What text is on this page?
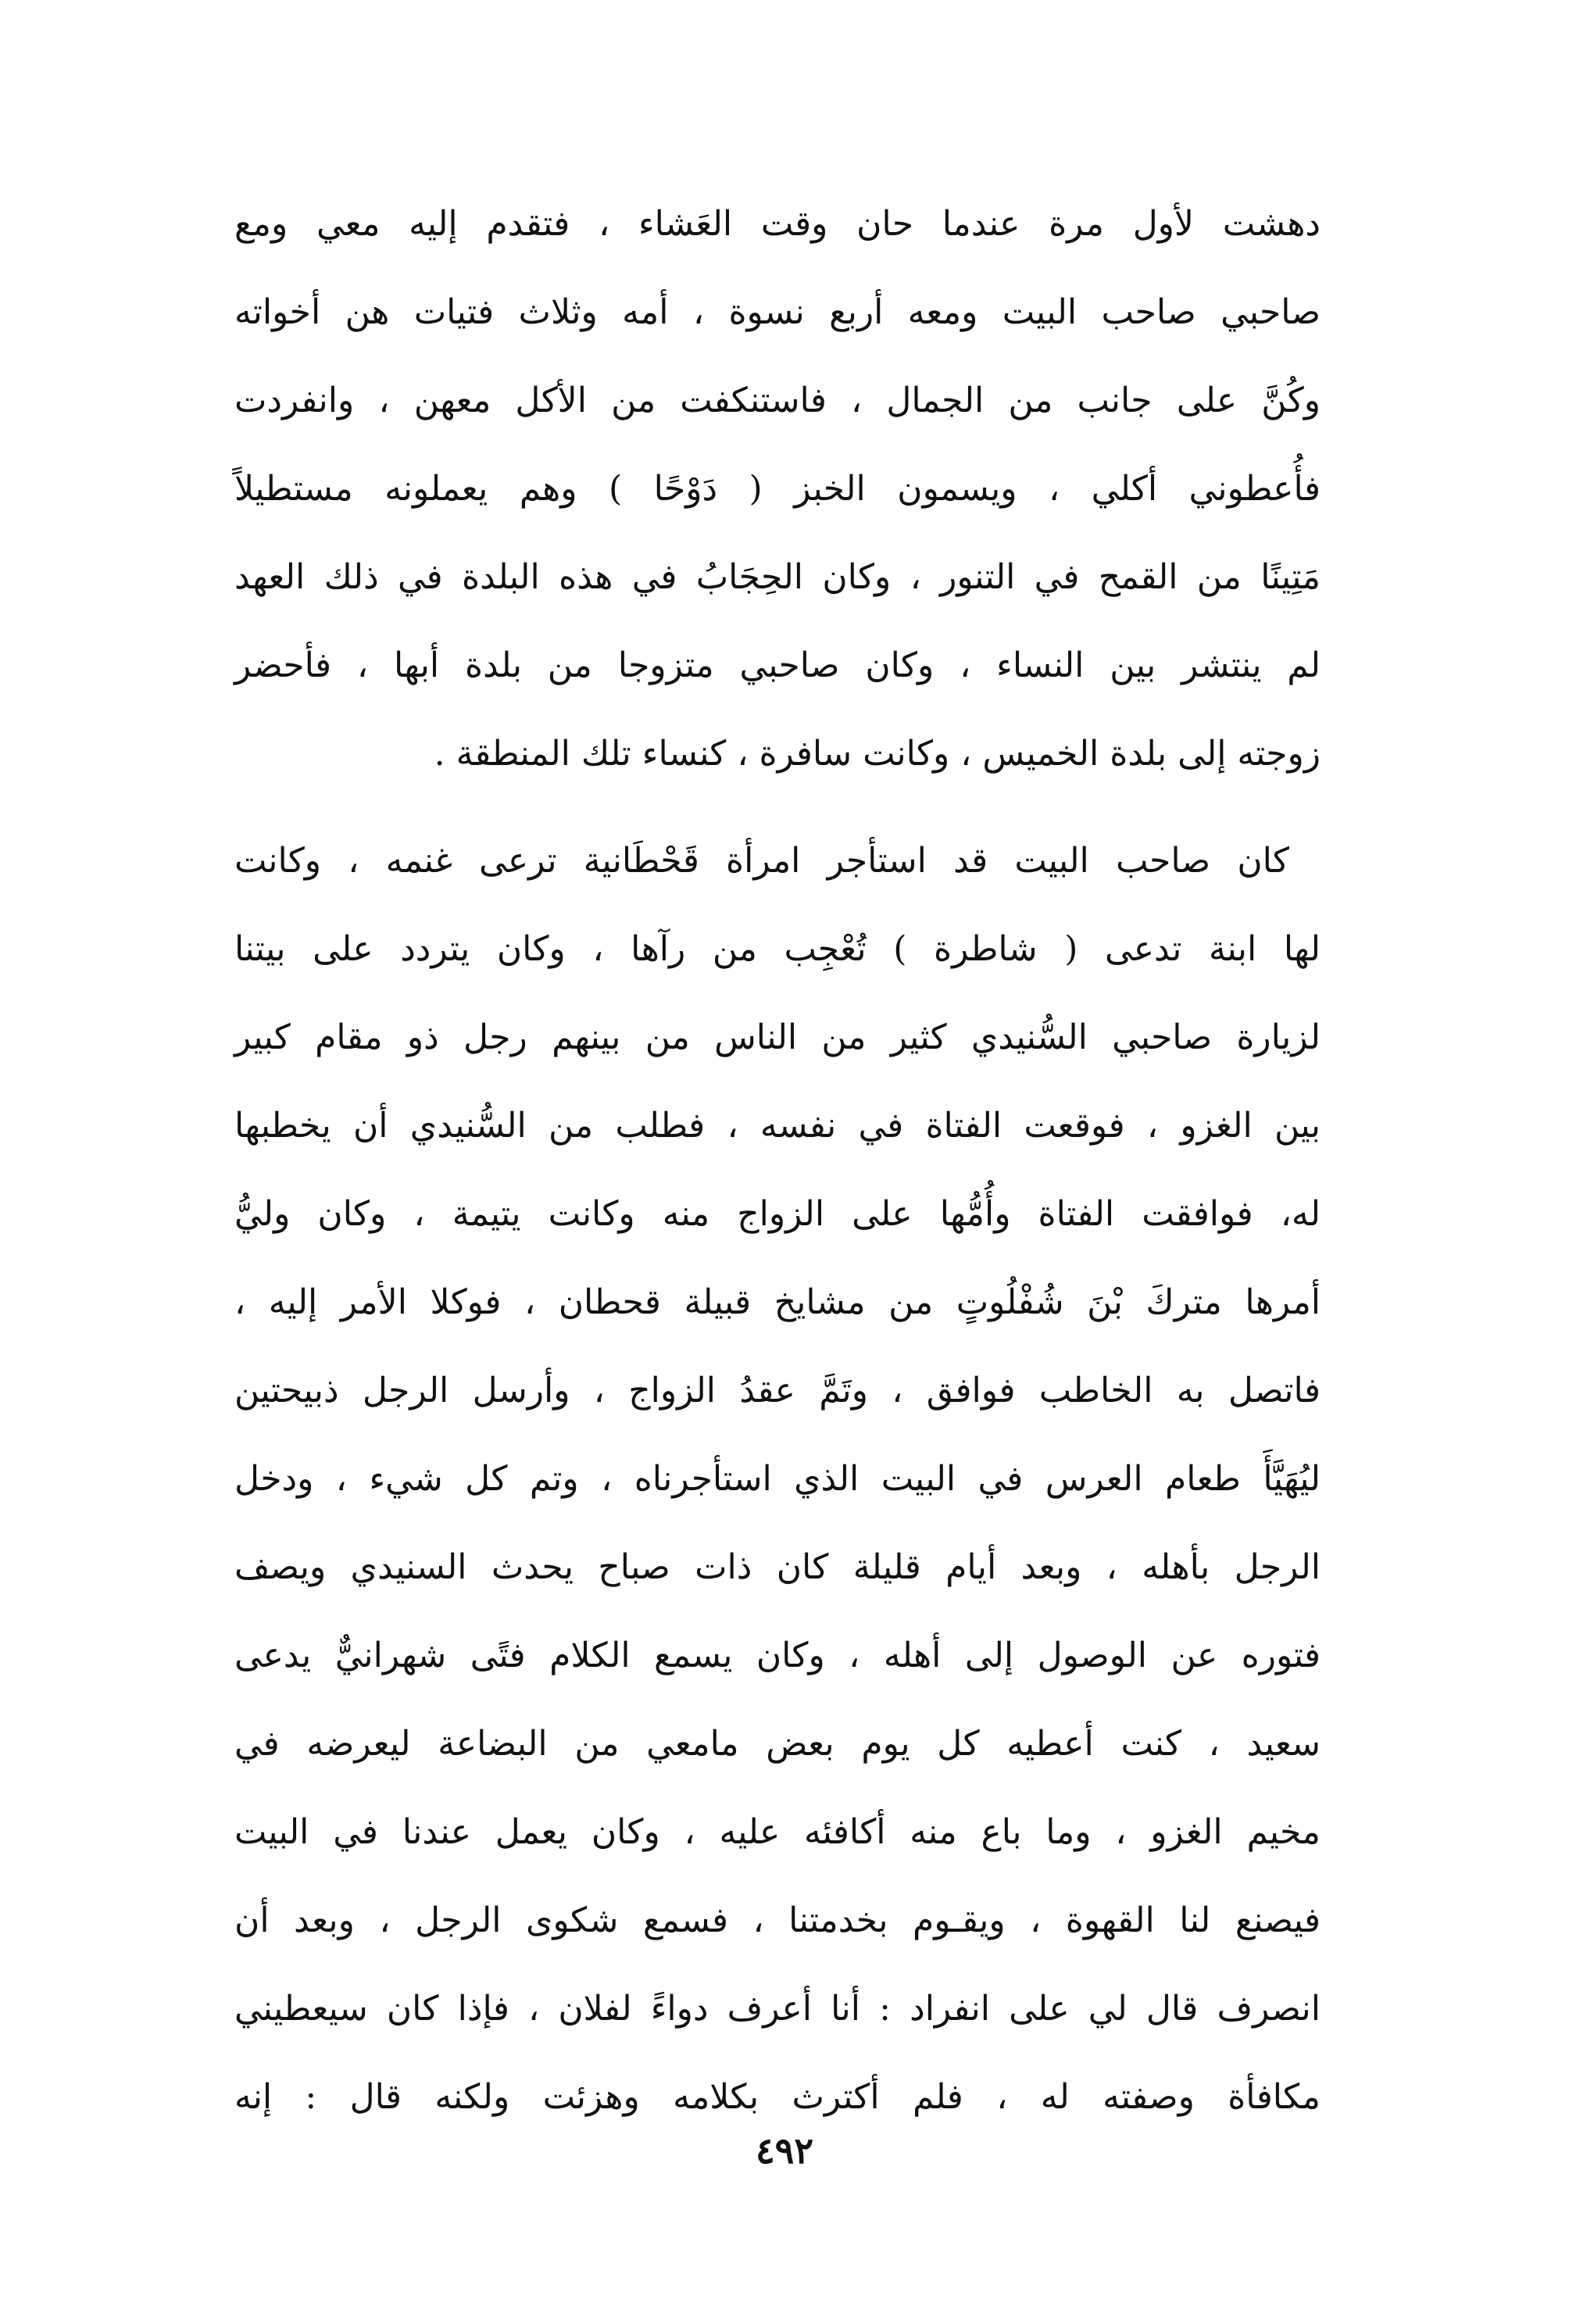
دهشت لأول مرة عندما حان وقت العَشاء ، فتقدم إليه معي ومع
صاحبي صاحب البيت ومعه أربع نسوة ، أمه وثلاث فتيات هن أخواته
وكُنَّ على جانب من الجمال ، فاستنكفت من الأكل معهن ، وانفردت
فأُعطوني أكلي ، ويسمون الخبز ( دَوْحًا ) وهم يعملونه مستطيلاً
مَتِينًا من القمح في التنور ، وكان الحِجَابُ في هذه البلدة في ذلك العهد
لم ينتشر بين النساء ، وكان صاحبي متزوجا من بلدة أبها ، فأحضر
زوجته إلى بلدة الخميس ، وكانت سافرة ، كنساء تلك المنطقة .
كان صاحب البيت قد استأجر امرأة قَحْطَانية ترعى غنمه ، وكانت
لها ابنة تدعى ( شاطرة ) تُعْجِب من رآها ، وكان يتردد على بيتنا
لزيارة صاحبي السُّنيدي كثير من الناس من بينهم رجل ذو مقام كبير
بين الغزو ، فوقعت الفتاة في نفسه ، فطلب من السُّنيدي أن يخطبها
له، فوافقت الفتاة وأُمُّها على الزواج منه وكانت يتيمة ، وكان وليُّ
أمرها متركَ بْنَ شُفْلُوتٍ من مشايخ قبيلة قحطان ، فوكلا الأمر إليه ،
فاتصل به الخاطب فوافق ، وتَمَّ عقدُ الزواج ، وأرسل الرجل ذبيحتين
ليُهَيَّأَ طعام العرس في البيت الذي استأجرناه ، وتم كل شيء ، ودخل
الرجل بأهله ، وبعد أيام قليلة كان ذات صباح يحدث السنيدي ويصف
فتوره عن الوصول إلى أهله ، وكان يسمع الكلام فتًى شهرانيٌّ يدعى
سعيد ، كنت أعطيه كل يوم بعض مامعي من البضاعة ليعرضه في
مخيم الغزو ، وما باع منه أكافئه عليه ، وكان يعمل عندنا في البيت
فيصنع لنا القهوة ، ويقـوم بخدمتنا ، فسمع شكوى الرجل ، وبعد أن
انصرف قال لي على انفراد : أنا أعرف دواءً لفلان ، فإذا كان سيعطيني
مكافأة وصفته له ، فلم أكترث بكلامه وهزئت ولكنه قال : إنه
٤٩٢
